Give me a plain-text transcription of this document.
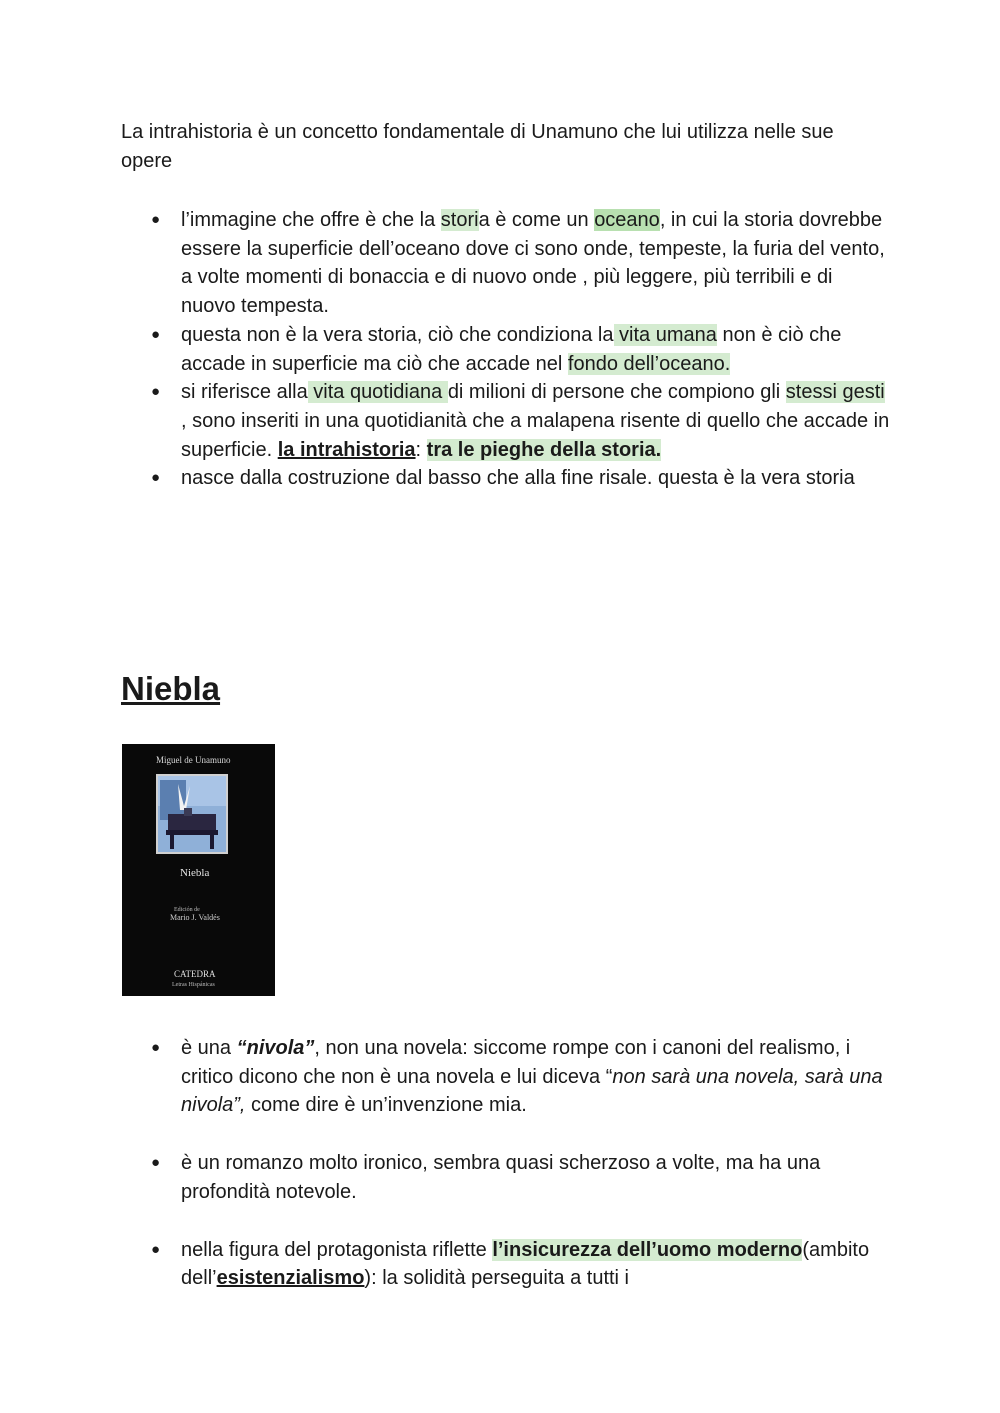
La intrahistoria è un concetto fondamentale di Unamuno che lui utilizza nelle sue opere

● l’immagine che offre è che la storia è come un oceano, in cui la storia dovrebbe essere la superficie dell’oceano dove ci sono onde, tempeste, la furia del vento, a volte momenti di bonaccia e di nuovo onde , più leggere, più terribili e di nuovo tempesta.
● questa non è la vera storia, ciò che condiziona la vita umana non è ciò che accade in superficie ma ciò che accade nel fondo dell’oceano.
● si riferisce alla vita quotidiana di milioni di persone che compiono gli stessi gesti , sono inseriti in una quotidianità che a malapena risente di quello che accade in superficie. la intrahistoria: tra le pieghe della storia.
● nasce dalla costruzione dal basso che alla fine risale. questa è la vera storia
Niebla
Miguel de Unamuno
Niebla
Edición de
Mario J. Valdés
CATEDRA
Letras Hispánicas
● è una “nivola”, non una novela: siccome rompe con i canoni del realismo, i critico dicono che non è una novela e lui diceva “non sarà una novela, sarà una nivola”, come dire è un’invenzione mia.
● è un romanzo molto ironico, sembra quasi scherzoso a volte, ma ha una profondità notevole.
● nella figura del protagonista riflette l’insicurezza dell’uomo moderno(ambito dell’esistenzialismo): la solidità perseguita a tutti i
